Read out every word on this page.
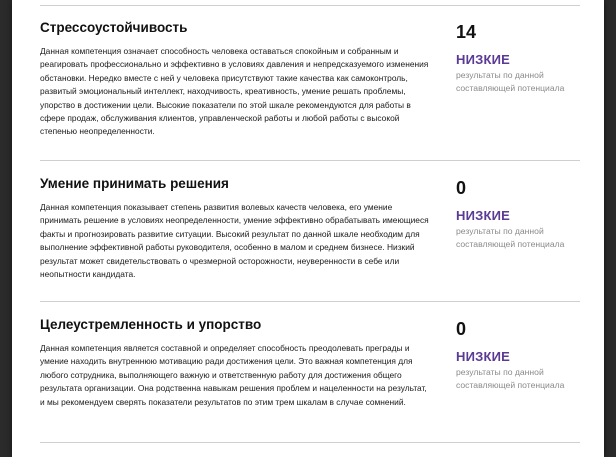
Стрессоустойчивость

Данная компетенция означает способность человека оставаться спокойным и собранным и реагировать профессионально и эффективно в условиях давления и непредсказуемого изменения обстановки. Нередко вместе с ней у человека присутствуют такие качества как самоконтроль, развитый эмоциональный интеллект, находчивость, креативность, умение решать проблемы, упорство в достижении цели. Высокие показатели по этой шкале рекомендуются для работы в сфере продаж, обслуживания клиентов, управленческой работы и любой работы с высокой степенью неопределенности.

14
НИЗКИЕ
результаты по данной составляющей потенциала
Умение принимать решения

Данная компетенция показывает степень развития волевых качеств человека, его умение принимать решение в условиях неопределенности, умение эффективно обрабатывать имеющиеся факты и прогнозировать развитие ситуации. Высокий результат по данной шкале необходим для выполнение эффективной работы руководителя, особенно в малом и среднем бизнесе. Низкий результат может свидетельствовать о чрезмерной осторожности, неуверенности в себе или неопытности кандидата.

0
НИЗКИЕ
результаты по данной составляющей потенциала
Целеустремленность и упорство

Данная компетенция является составной и определяет способность преодолевать преграды и умение находить внутреннюю мотивацию ради достижения цели. Это важная компетенция для любого сотрудника, выполняющего важную и ответственную работу для достижения общего результата организации. Она родственна навыкам решения проблем и нацеленности на результат, и мы рекомендуем сверять показатели результатов по этим трем шкалам в случае сомнений.

0
НИЗКИЕ
результаты по данной составляющей потенциала
